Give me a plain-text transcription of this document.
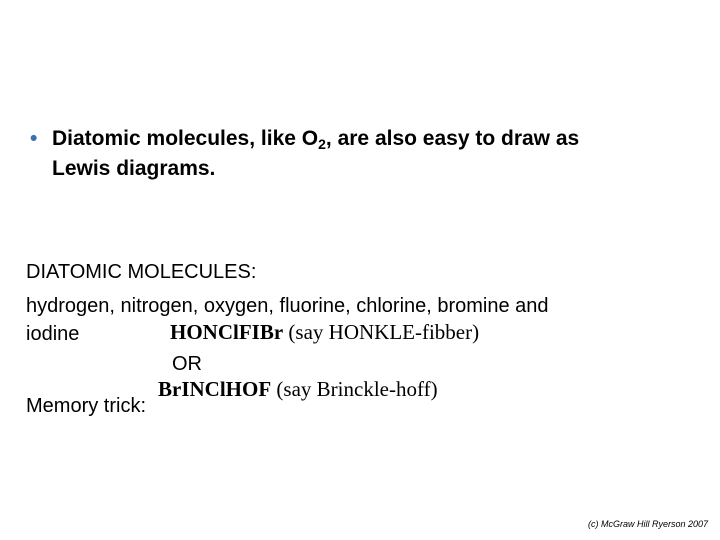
• Diatomic molecules, like $O_2$, are also easy to draw as

Lewis diagrams.

DIATOMIC MOLECULES:
hydrogen, nitrogen, oxygen, fluorine, chlorine, bromine and
iodine	HONClFIBr (say HONKLE-fibber)
OR
Memory trick:
BrINClHOF (say Brinckle-hoff)
(c) McGraw Hill Ryerson 2007
